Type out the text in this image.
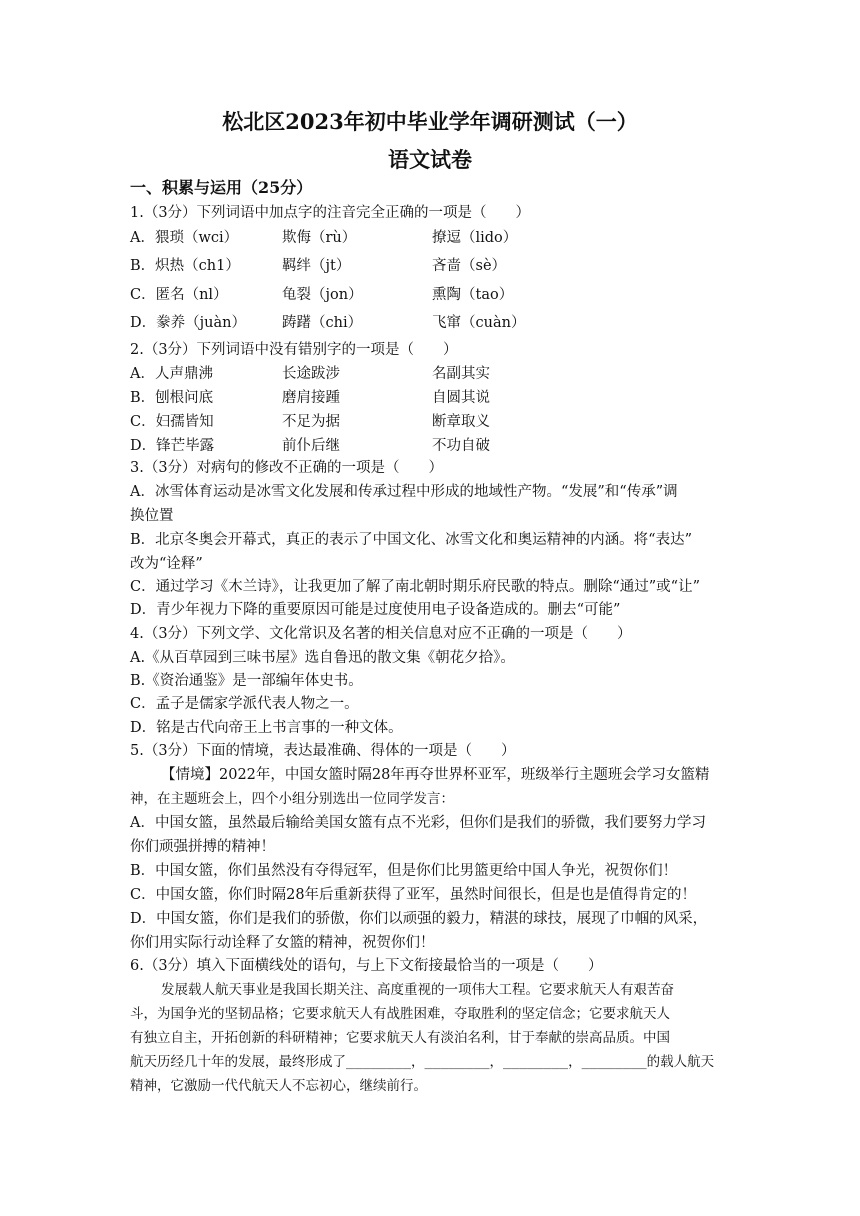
松北区2023年初中毕业学年调研测试（一）
语文试卷
一、积累与运用（25分）
1.（3分）下列词语中加点字的注音完全正确的一项是（　　）
A．猥琐（wci）	欺侮（rù）	撩逗（lido）
B．炽热（ch1）	羁绊（jt）	吝啬（sè）
C．匿名（nl）	龟裂（jon）	熏陶（tao）
D．豢养（juàn） 踌躇（chi）	飞窜（cuàn）
2.（3分）下列词语中没有错别字的一项是（　　）
A．人声鼎沸	长途跋涉	名副其实
B．刨根问底	磨肩接踵	自圆其说
C．妇孺皆知	不足为据	断章取义
D．锋芒毕露	前仆后继	不功自破
3.（3分）对病句的修改不正确的一项是（　　）
A．冰雪体育运动是冰雪文化发展和传承过程中形成的地域性产物。“发展”和“传承”调
换位置
B．北京冬奥会开幕式，真正的表示了中国文化、冰雪文化和奥运精神的内涵。将“表达”
改为“诠释”
C．通过学习《木兰诗》，让我更加了解了南北朝时期乐府民歌的特点。删除“通过”或“让”
D．青少年视力下降的重要原因可能是过度使用电子设备造成的。删去“可能”
4.（3分）下列文学、文化常识及名著的相关信息对应不正确的一项是（　　）
A.《从百草园到三味书屋》选自鲁迅的散文集《朝花夕拾》。
B.《资治通鉴》是一部编年体史书。
C．孟子是儒家学派代表人物之一。
D．铭是古代向帝王上书言事的一种文体。
5.（3分）下面的情境，表达最准确、得体的一项是（　　）
【情境】2022年，中国女篮时隔28年再夺世界杯亚军，班级举行主题班会学习女篮精
神，在主题班会上，四个小组分别选出一位同学发言：
A．中国女篮，虽然最后输给美国女篮有点不光彩，但你们是我们的骄微，我们要努力学习
你们顽强拼搏的精神！
B．中国女篮，你们虽然没有夺得冠军，但是你们比男篮更给中国人争光，祝贺你们！
C．中国女篮，你们时隔28年后重新获得了亚军，虽然时间很长，但是也是值得肯定的！
D．中国女篮，你们是我们的骄傲，你们以顽强的毅力，精湛的球技，展现了巾帼的风采，
你们用实际行动诠释了女篮的精神，祝贺你们！
6.（3分）填入下面横线处的语句，与上下文衔接最恰当的一项是（　　）
发展载人航天事业是我国长期关注、高度重视的一项伟大工程。它要求航天人有艰苦奋
斗，为国争光的坚韧品格；它要求航天人有战胜困难，夺取胜利的坚定信念；它要求航天人
有独立自主，开拓创新的科研精神；它要求航天人有淡泊名利，甘于奉献的崇高品质。中国
航天历经几十年的发展，最终形成了________，________，________，________的载人航天
精神，它激励一代代航天人不忘初心，继续前行。
